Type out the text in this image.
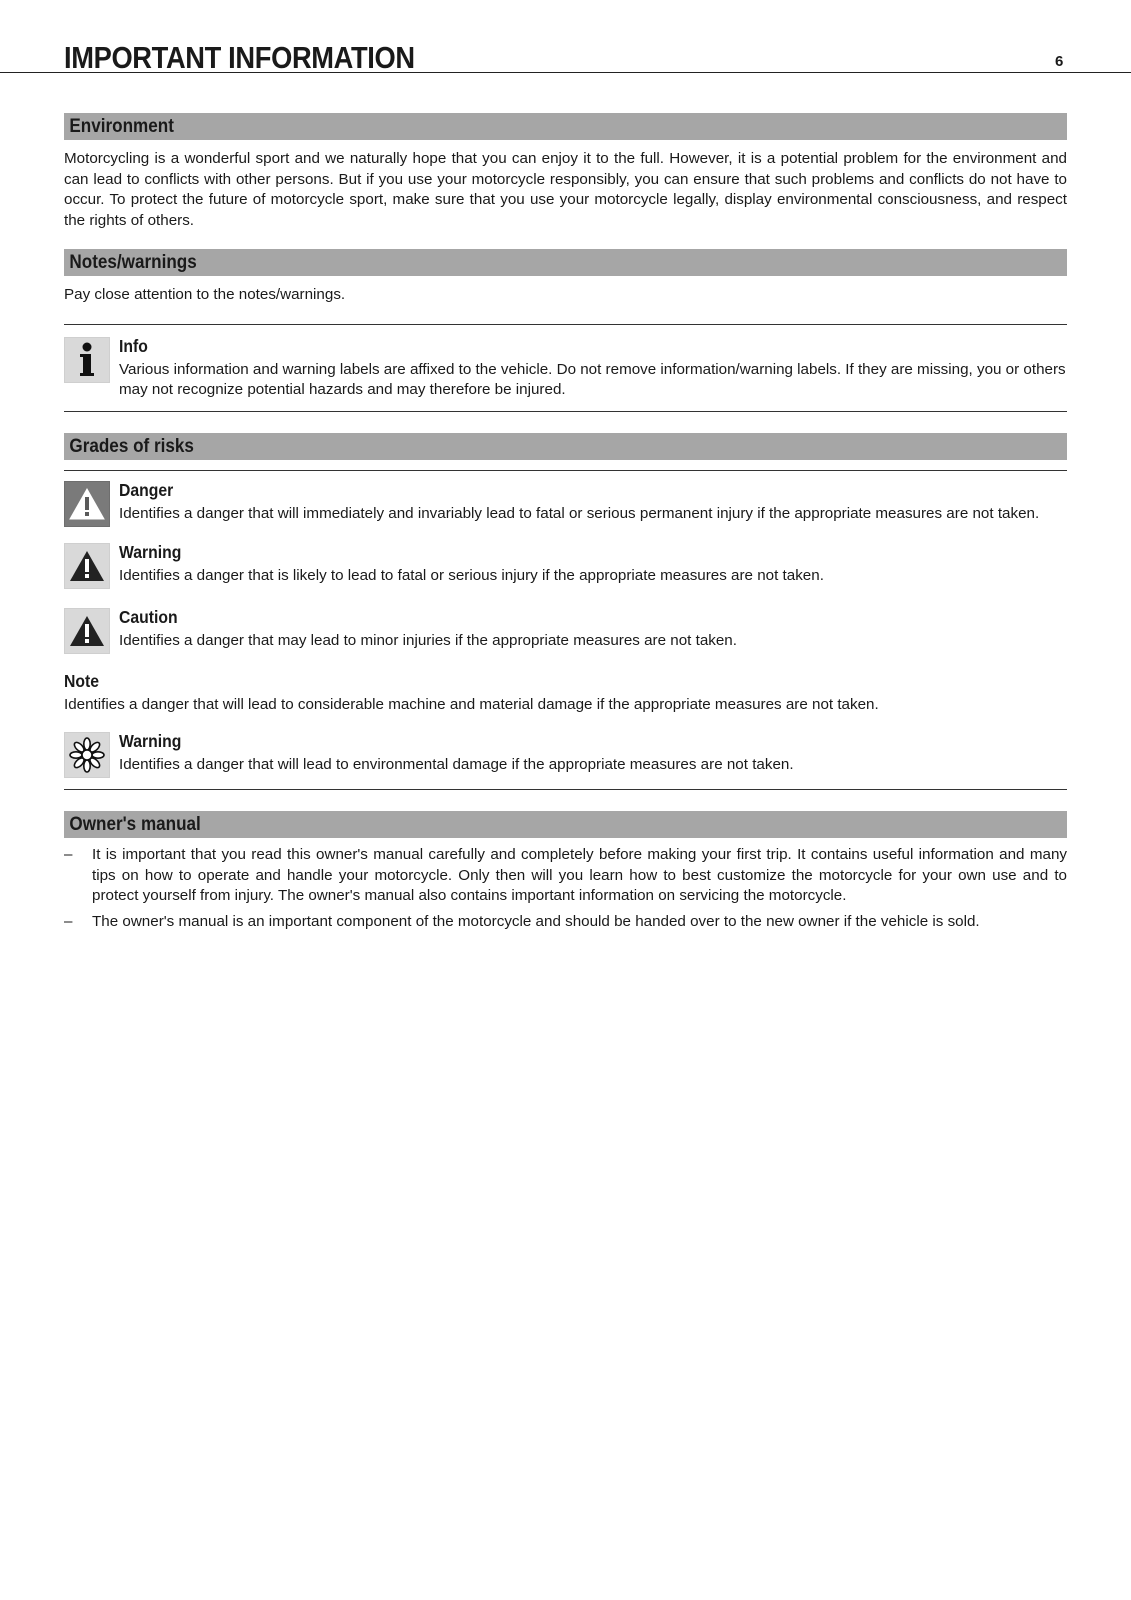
IMPORTANT INFORMATION	6
Environment

Motorcycling is a wonderful sport and we naturally hope that you can enjoy it to the full. However, it is a potential problem for the environment and can lead to conflicts with other persons. But if you use your motorcycle responsibly, you can ensure that such problems and conflicts do not have to occur. To protect the future of motorcycle sport, make sure that you use your motorcycle legally, display environmental consciousness, and respect the rights of others.

Notes/warnings

Pay close attention to the notes/warnings.

Info
Various information and warning labels are affixed to the vehicle. Do not remove information/warning labels. If they are missing, you or others may not recognize potential hazards and may therefore be injured.
Grades of risks
Danger
Identifies a danger that will immediately and invariably lead to fatal or serious permanent injury if the appropriate measures are not taken.
Warning
Identifies a danger that is likely to lead to fatal or serious injury if the appropriate measures are not taken.
Caution
Identifies a danger that may lead to minor injuries if the appropriate measures are not taken.
Note
Identifies a danger that will lead to considerable machine and material damage if the appropriate measures are not taken.
Warning
Identifies a danger that will lead to environmental damage if the appropriate measures are not taken.
Owner's manual
– It is important that you read this owner's manual carefully and completely before making your first trip. It contains useful information and many tips on how to operate and handle your motorcycle. Only then will you learn how to best customize the motorcycle for your own use and to protect yourself from injury. The owner's manual also contains important information on servicing the motorcycle.
– The owner's manual is an important component of the motorcycle and should be handed over to the new owner if the vehicle is sold.
